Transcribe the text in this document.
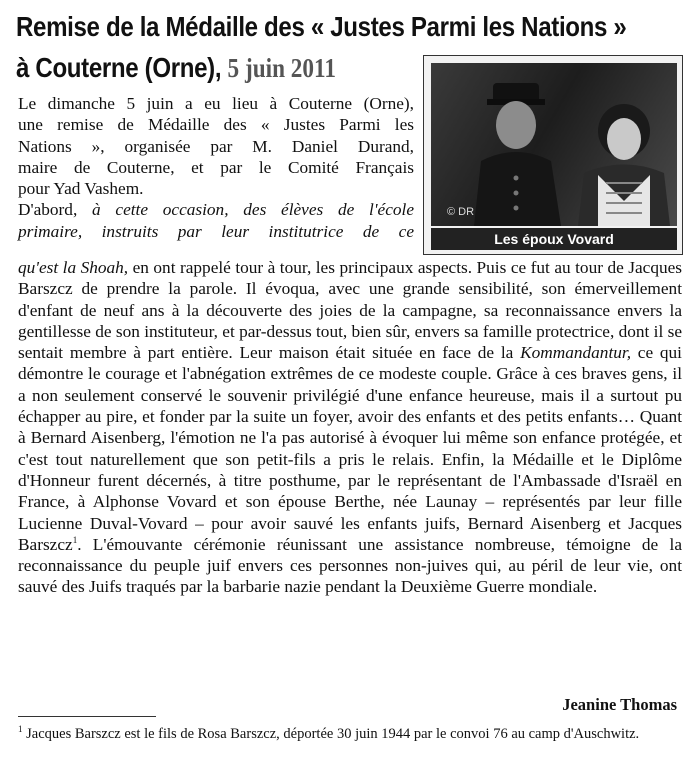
Remise de la Médaille des « Justes Parmi les Nations »
à Couterne (Orne), 5 juin 2011
© DR
Les époux Vovard
Le dimanche 5 juin a eu lieu à Couterne (Orne),
une remise de Médaille des « Justes Parmi les
Nations », organisée par M. Daniel Durand,
maire de Couterne, et par le Comité Français
pour Yad Vashem.
D'abord, à cette occasion, des élèves de l'école
primaire, instruits par leur institutrice de ce
qu'est la Shoah, en ont rappelé tour à tour, les principaux aspects. Puis ce fut au tour de Jacques Barszcz de prendre la parole. Il évoqua, avec une grande sensibilité, son émerveillement d'enfant de neuf ans à la découverte des joies de la campagne, sa reconnaissance envers la gentillesse de son instituteur, et par-dessus tout, bien sûr, envers sa famille protectrice, dont il se sentait membre à part entière. Leur maison était située en face de la Kommandantur, ce qui démontre le courage et l'abnégation extrêmes de ce modeste couple. Grâce à ces braves gens, il a non seulement conservé le souvenir privilégié d'une enfance heureuse, mais il a surtout pu échapper au pire, et fonder par la suite un foyer, avoir des enfants et des petits enfants… Quant à Bernard Aisenberg, l'émotion ne l'a pas autorisé à évoquer lui même son enfance protégée, et c'est tout naturellement que son petit-fils a pris le relais. Enfin, la Médaille et le Diplôme d'Honneur furent décernés, à titre posthume, par le représentant de l'Ambassade d'Israël en France, à Alphonse Vovard et son épouse Berthe, née Launay – représentés par leur fille Lucienne Duval-Vovard – pour avoir sauvé les enfants juifs, Bernard Aisenberg et Jacques Barszcz$^1$. L'émouvante cérémonie réunissant une assistance nombreuse, témoigne de la reconnaissance du peuple juif envers ces personnes non-juives qui, au péril de leur vie, ont sauvé des Juifs traqués par la barbarie nazie pendant la Deuxième Guerre mondiale.
Jeanine Thomas
$^1$ Jacques Barszcz est le fils de Rosa Barszcz, déportée 30 juin 1944 par le convoi 76 au camp d'Auschwitz.
